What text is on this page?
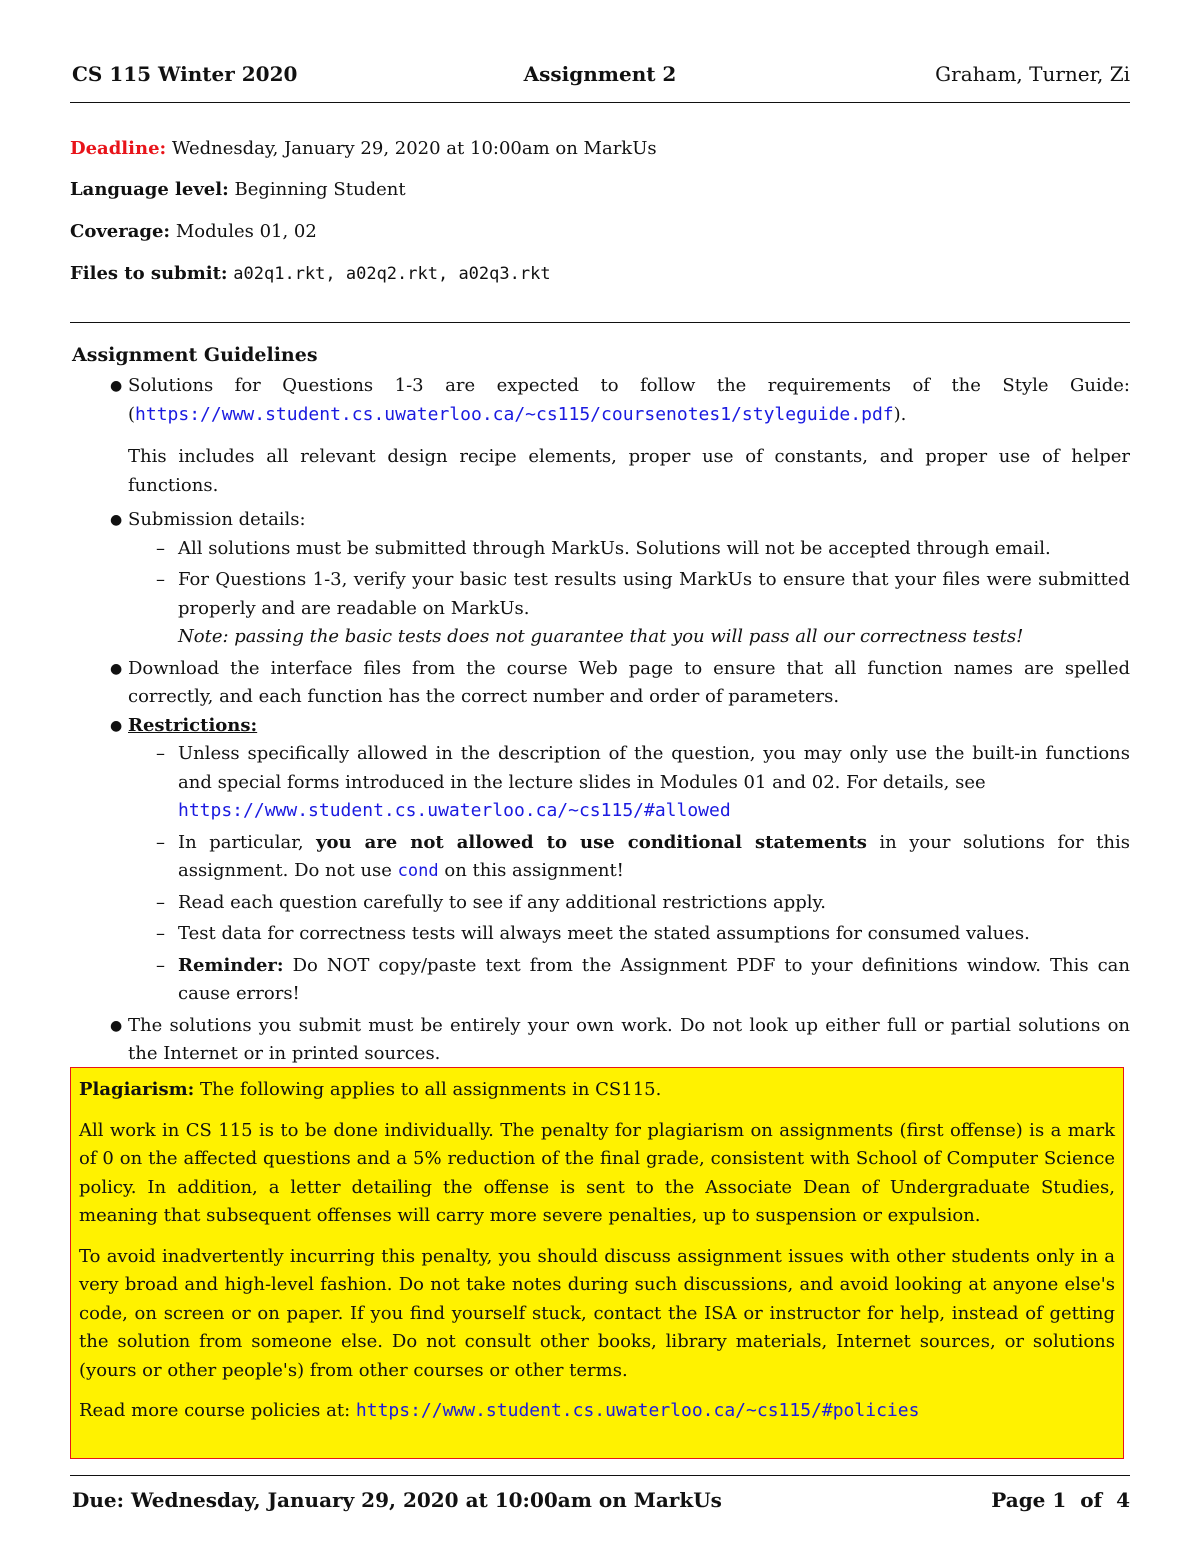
CS 115 Winter 2020	Assignment 2	Graham, Turner, Zi
Deadline: Wednesday, January 29, 2020 at 10:00am on MarkUs
Language level: Beginning Student
Coverage: Modules 01, 02
Files to submit: a02q1.rkt, a02q2.rkt, a02q3.rkt
Assignment Guidelines
● Solutions for Questions 1-3 are expected to follow the requirements of the Style Guide: (https://www.student.cs.uwaterloo.ca/~cs115/coursenotes1/styleguide.pdf).
This includes all relevant design recipe elements, proper use of constants, and proper use of helper functions.
● Submission details:
– All solutions must be submitted through MarkUs. Solutions will not be accepted through email.
– For Questions 1-3, verify your basic test results using MarkUs to ensure that your files were submitted properly and are readable on MarkUs.
Note: passing the basic tests does not guarantee that you will pass all our correctness tests!
● Download the interface files from the course Web page to ensure that all function names are spelled correctly, and each function has the correct number and order of parameters.
● Restrictions:
– Unless specifically allowed in the description of the question, you may only use the built-in functions and special forms introduced in the lecture slides in Modules 01 and 02. For details, see
https://www.student.cs.uwaterloo.ca/~cs115/#allowed
– In particular, you are not allowed to use conditional statements in your solutions for this assignment. Do not use cond on this assignment!
– Read each question carefully to see if any additional restrictions apply.
– Test data for correctness tests will always meet the stated assumptions for consumed values.
– Reminder: Do NOT copy/paste text from the Assignment PDF to your definitions window. This can cause errors!
● The solutions you submit must be entirely your own work. Do not look up either full or partial solutions on the Internet or in printed sources.

Plagiarism: The following applies to all assignments in CS115.

All work in CS 115 is to be done individually. The penalty for plagiarism on assignments (first offense) is a mark of 0 on the affected questions and a 5% reduction of the final grade, consistent with School of Computer Science policy. In addition, a letter detailing the offense is sent to the Associate Dean of Undergraduate Studies, meaning that subsequent offenses will carry more severe penalties, up to suspension or expulsion.

To avoid inadvertently incurring this penalty, you should discuss assignment issues with other students only in a very broad and high-level fashion. Do not take notes during such discussions, and avoid looking at anyone else's code, on screen or on paper. If you find yourself stuck, contact the ISA or instructor for help, instead of getting the solution from someone else. Do not consult other books, library materials, Internet sources, or solutions (yours or other people's) from other courses or other terms.

Read more course policies at: https://www.student.cs.uwaterloo.ca/~cs115/#policies

Due: Wednesday, January 29, 2020 at 10:00am on MarkUs	Page 1  of  4
